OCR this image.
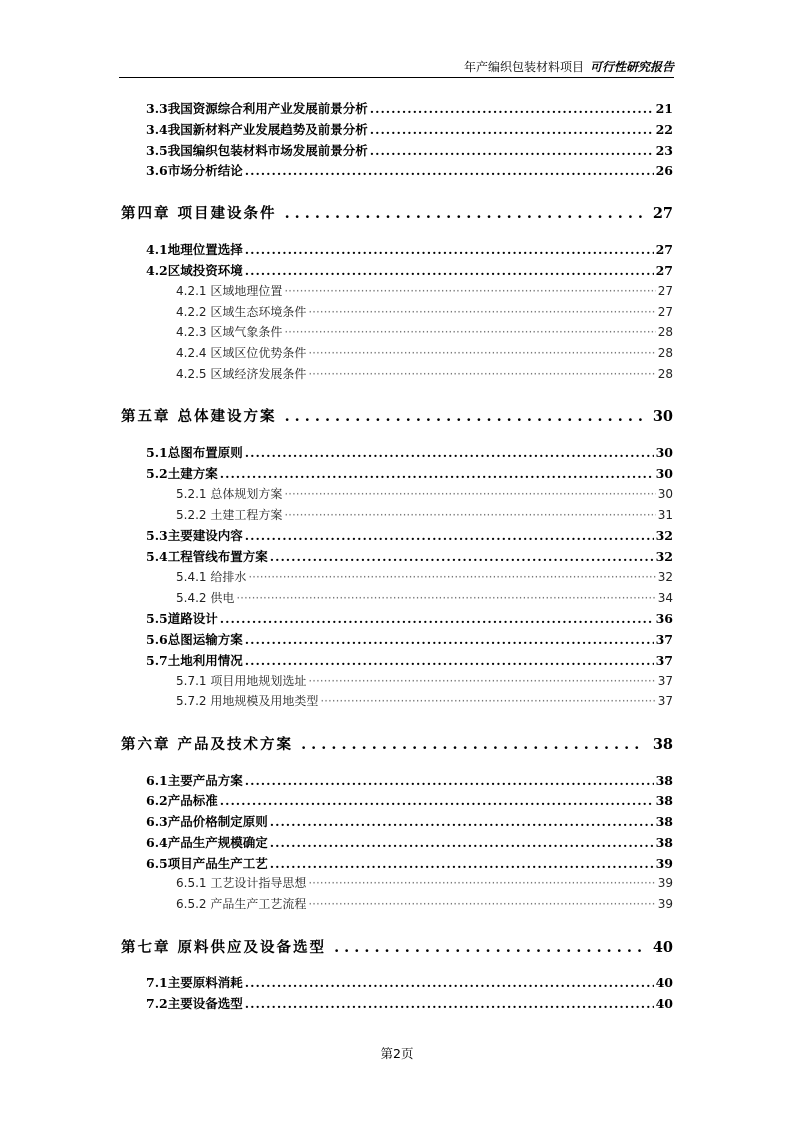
年产编织包装材料项目 可行性研究报告
3.3我国资源综合利用产业发展前景分析 .....	21
3.4我国新材料产业发展趋势及前景分析 .....	22
3.5我国编织包装材料市场发展前景分析 .....	23
3.6市场分析结论 .....	26
第四章 项目建设条件 . . .	27
4.1地理位置选择 .....	27
4.2区域投资环境 .....	27
4.2.1 区域地理位置 ·····	27
4.2.2 区域生态环境条件 ·····	27
4.2.3 区域气象条件 ·····	28
4.2.4 区域区位优势条件 ·····	28
4.2.5 区域经济发展条件 ·····	28
第五章 总体建设方案 . . .	30
5.1总图布置原则 .....	30
5.2土建方案 .....	30
5.2.1 总体规划方案 ·····	30
5.2.2 土建工程方案 ·····	31
5.3主要建设内容 .....	32
5.4工程管线布置方案 .....	32
5.4.1 给排水 ·····	32
5.4.2 供电 ·····	34
5.5道路设计 .....	36
5.6总图运输方案 .....	37
5.7土地利用情况 .....	37
5.7.1 项目用地规划选址 ·····	37
5.7.2 用地规模及用地类型 ·····	37
第六章 产品及技术方案 . . .	38
6.1主要产品方案 .....	38
6.2产品标准 .....	38
6.3产品价格制定原则 .....	38
6.4产品生产规模确定 .....	38
6.5项目产品生产工艺 .....	39
6.5.1 工艺设计指导思想 ·····	39
6.5.2 产品生产工艺流程 ·····	39
第七章 原料供应及设备选型 . . .	40
7.1主要原料消耗 .....	40
7.2主要设备选型 .....	40
第2页
